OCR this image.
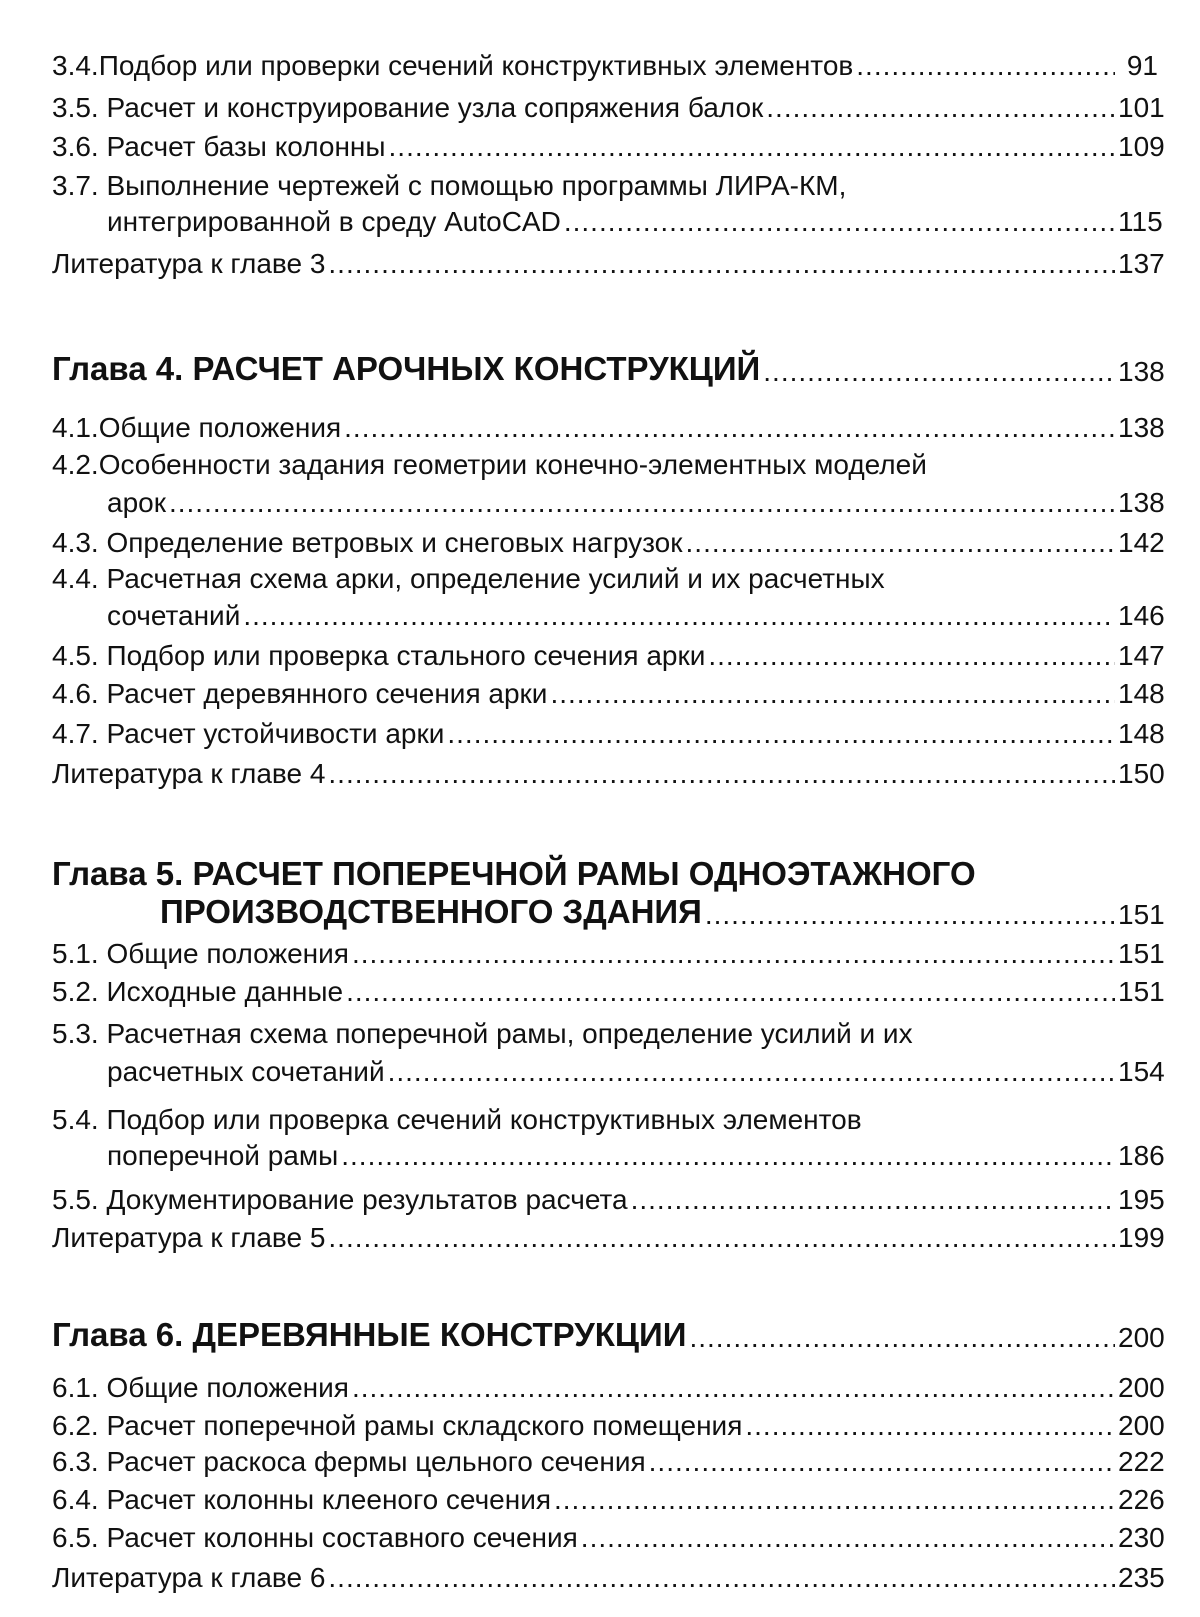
3.4.Подбор или проверки сечений конструктивных элементов .....	91
3.5. Расчет и конструирование узла сопряжения балок .....	101
3.6. Расчет базы колонны .....	109
3.7. Выполнение чертежей с помощью программы ЛИРА-КМ,
интегрированной в среду AutoCAD .....	115
Литература к главе 3 .....	137
Глава 4. РАСЧЕТ АРОЧНЫХ КОНСТРУКЦИЙ .....	138
4.1.Общие положения .....	138
4.2.Особенности задания геометрии конечно-элементных моделей
арок .....	138
4.3. Определение ветровых и снеговых нагрузок .....	142
4.4. Расчетная схема арки, определение усилий и их расчетных
сочетаний .....	146
4.5. Подбор или проверка стального сечения арки .....	147
4.6. Расчет деревянного сечения арки .....	148
4.7. Расчет устойчивости арки .....	148
Литература к главе 4 .....	150
Глава 5. РАСЧЕТ ПОПЕРЕЧНОЙ РАМЫ ОДНОЭТАЖНОГО
ПРОИЗВОДСТВЕННОГО ЗДАНИЯ .....	151
5.1. Общие положения .....	151
5.2. Исходные данные .....	151
5.3. Расчетная схема поперечной рамы, определение усилий и их
расчетных сочетаний .....	154
5.4. Подбор или проверка сечений конструктивных элементов
поперечной рамы .....	186
5.5. Документирование результатов расчета .....	195
Литература к главе 5 .....	199
Глава 6. ДЕРЕВЯННЫЕ КОНСТРУКЦИИ .....	200
6.1. Общие положения .....	200
6.2. Расчет поперечной рамы складского помещения .....	200
6.3. Расчет раскоса фермы цельного сечения .....	222
6.4. Расчет колонны клееного сечения .....	226
6.5. Расчет колонны составного сечения .....	230
Литература к главе 6 .....	235
